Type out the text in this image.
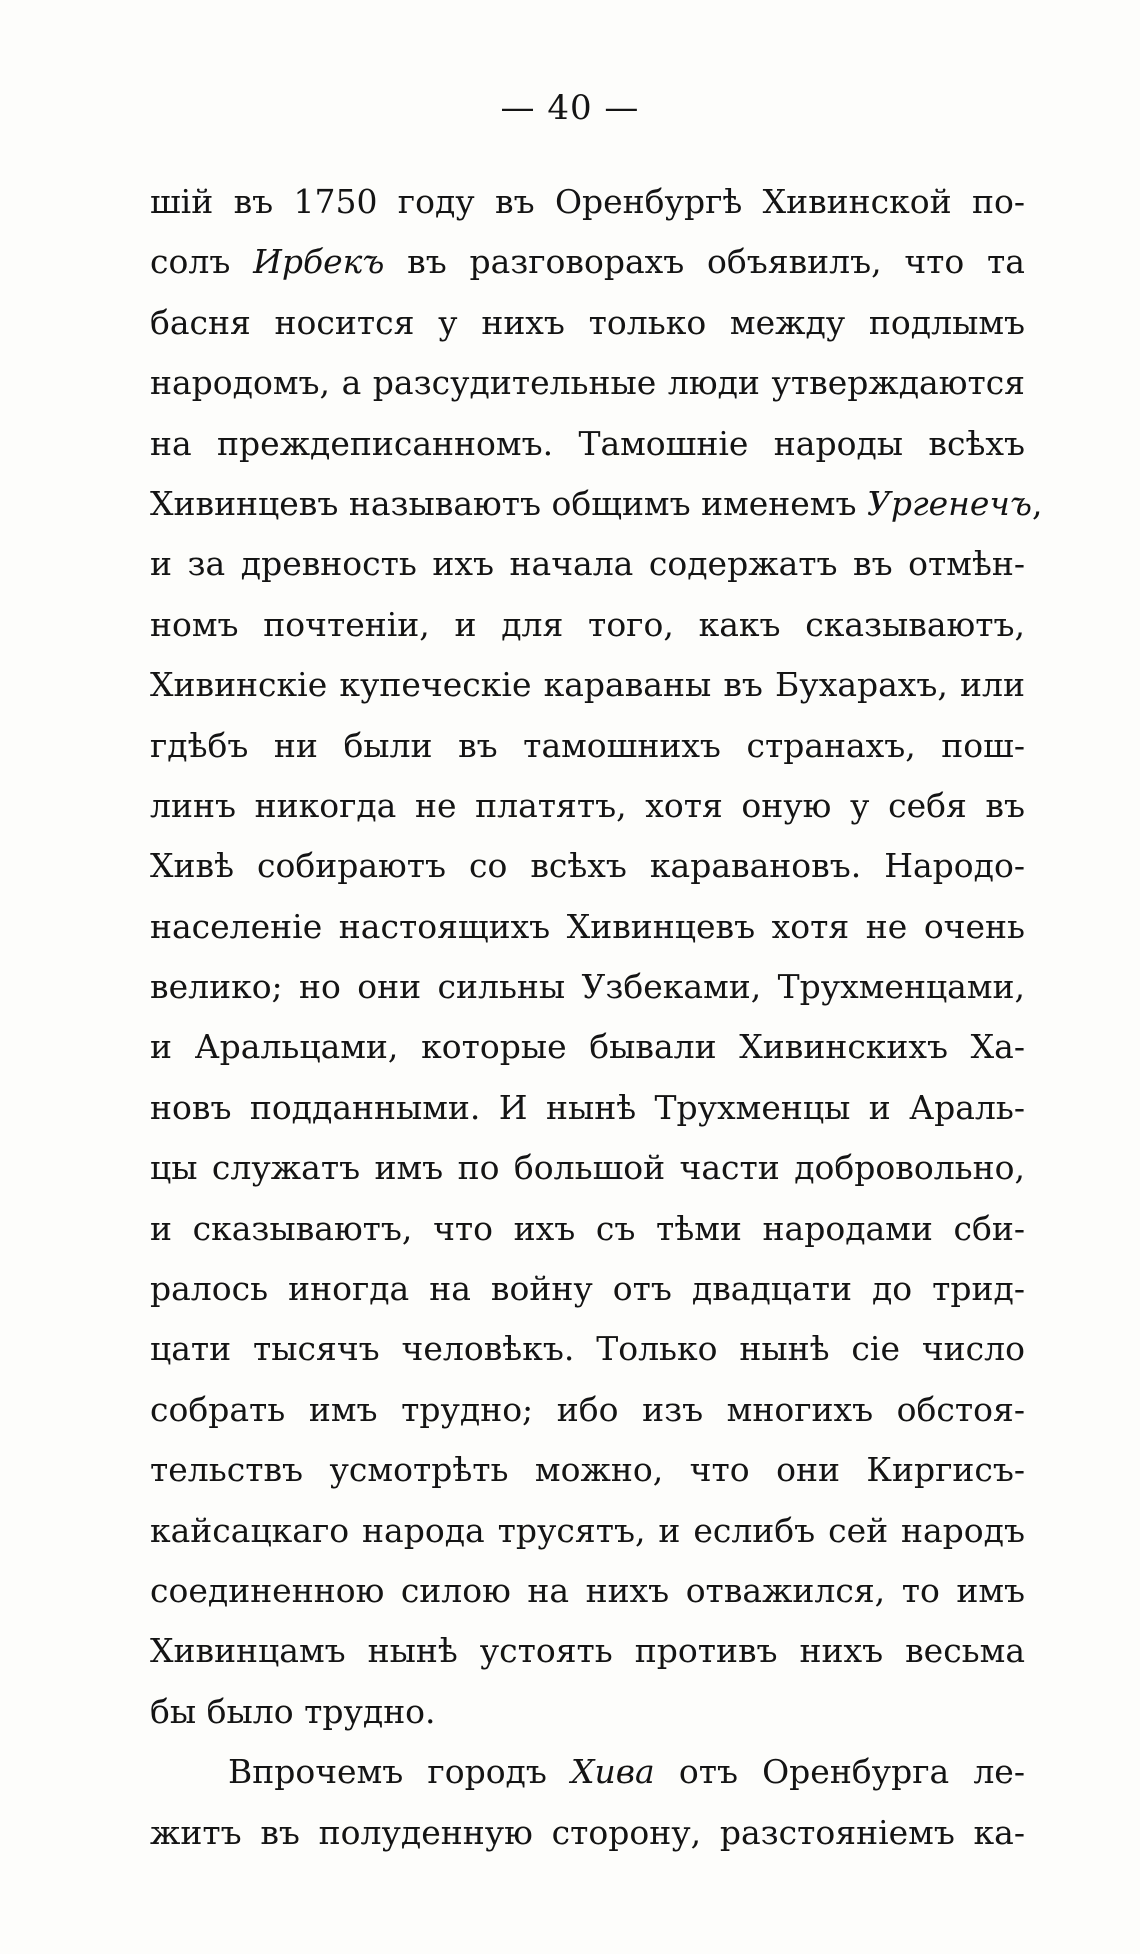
— 40 —
шій въ 1750 году въ Оренбургѣ Хивинской по-
солъ Ирбекъ въ разговорахъ объявилъ, что та
басня носится у нихъ только между подлымъ
народомъ, а разсудительные люди утверждаются
на преждеписанномъ. Тамошніе народы всѣхъ
Хивинцевъ называютъ общимъ именемъ Ургенечъ,
и за древность ихъ начала содержатъ въ отмѣн-
номъ почтеніи, и для того, какъ сказываютъ,
Хивинскіе купеческіе караваны въ Бухарахъ, или
гдѣбъ ни были въ тамошнихъ странахъ, пош-
линъ никогда не платятъ, хотя оную у себя въ
Хивѣ собираютъ со всѣхъ каравановъ. Народо-
населеніе настоящихъ Хивинцевъ хотя не очень
велико; но они сильны Узбеками, Трухменцами,
и Аральцами, которые бывали Хивинскихъ Ха-
новъ подданными. И нынѣ Трухменцы и Араль-
цы служатъ имъ по большой части добровольно,
и сказываютъ, что ихъ съ тѣми народами сби-
ралось иногда на войну отъ двадцати до трид-
цати тысячъ человѣкъ. Только нынѣ сіе число
собрать имъ трудно; ибо изъ многихъ обстоя-
тельствъ усмотрѣть можно, что они Киргисъ-
кайсацкаго народа трусятъ, и еслибъ сей народъ
соединенною силою на нихъ отважился, то имъ
Хивинцамъ нынѣ устоять противъ нихъ весьма
бы было трудно.
Впрочемъ городъ Хива отъ Оренбурга ле-
житъ въ полуденную сторону, разстояніемъ ка-
